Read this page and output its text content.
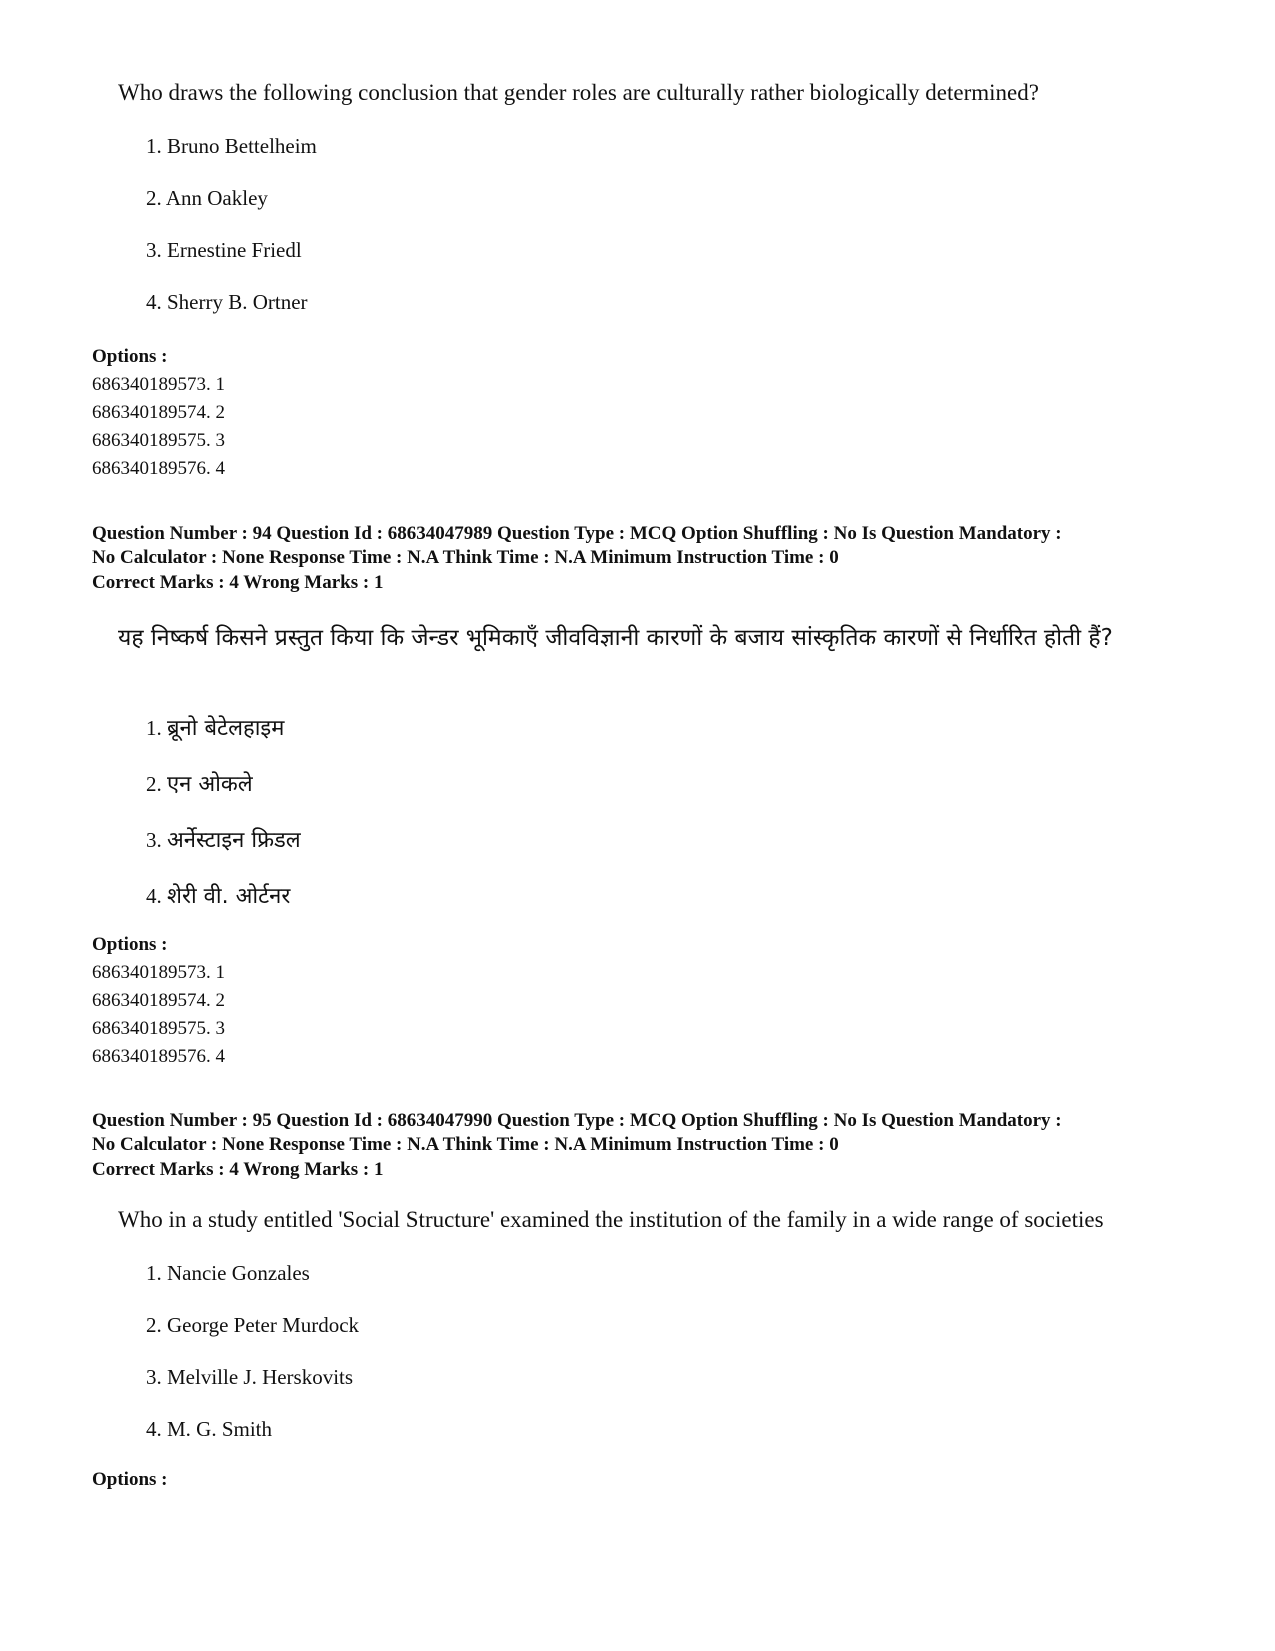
Who draws the following conclusion that gender roles are culturally rather biologically determined?
1. Bruno Bettelheim
2. Ann Oakley
3. Ernestine Friedl
4. Sherry B. Ortner
Options :
686340189573. 1
686340189574. 2
686340189575. 3
686340189576. 4
Question Number : 94 Question Id : 68634047989 Question Type : MCQ Option Shuffling : No Is Question Mandatory :
No Calculator : None Response Time : N.A Think Time : N.A Minimum Instruction Time : 0
Correct Marks : 4 Wrong Marks : 1
यह निष्कर्ष किसने प्रस्तुत किया कि जेन्डर भूमिकाएँ जीवविज्ञानी कारणों के बजाय सांस्कृतिक कारणों से निर्धारित होती हैं?
1. ब्रूनो बेटेलहाइम
2. एन ओकले
3. अर्नेस्टाइन फ्रिडल
4. शेरी वी. ओर्टनर
Options :
686340189573. 1
686340189574. 2
686340189575. 3
686340189576. 4
Question Number : 95 Question Id : 68634047990 Question Type : MCQ Option Shuffling : No Is Question Mandatory :
No Calculator : None Response Time : N.A Think Time : N.A Minimum Instruction Time : 0
Correct Marks : 4 Wrong Marks : 1
Who in a study entitled 'Social Structure' examined the institution of the family in a wide range of societies
1. Nancie Gonzales
2. George Peter Murdock
3. Melville J. Herskovits
4. M. G. Smith
Options :
